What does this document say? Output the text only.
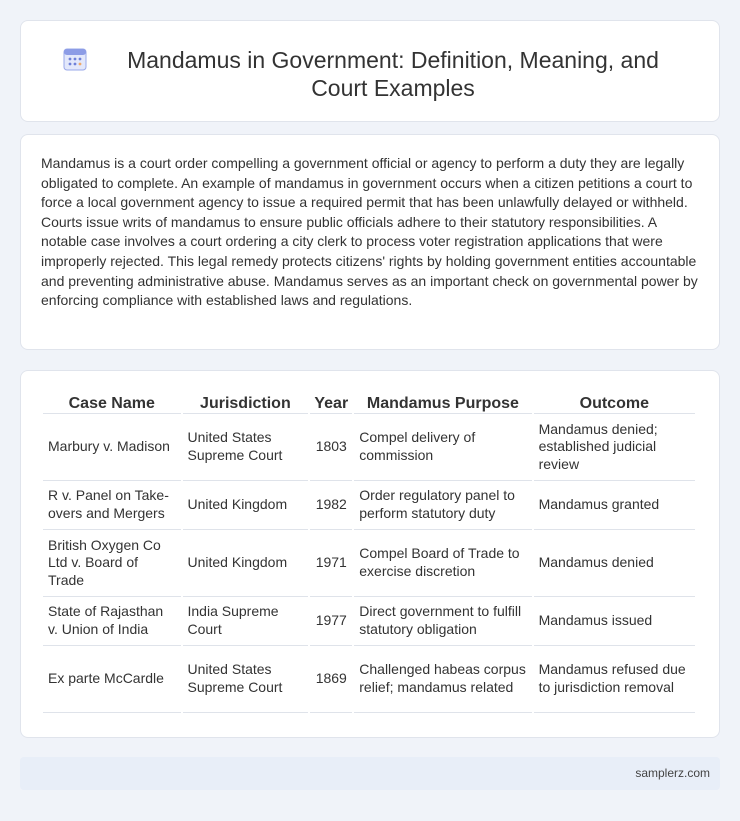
Mandamus in Government: Definition, Meaning, and Court Examples

Mandamus is a court order compelling a government official or agency to perform a duty they are legally obligated to complete. An example of mandamus in government occurs when a citizen petitions a court to force a local government agency to issue a required permit that has been unlawfully delayed or withheld. Courts issue writs of mandamus to ensure public officials adhere to their statutory responsibilities. A notable case involves a court ordering a city clerk to process voter registration applications that were improperly rejected. This legal remedy protects citizens' rights by holding government entities accountable and preventing administrative abuse. Mandamus serves as an important check on governmental power by enforcing compliance with established laws and regulations.

Case Name	Jurisdiction	Year	Mandamus Purpose	Outcome
Marbury v. Madison	United States Supreme Court	1803	Compel delivery of commission	Mandamus denied; established judicial review
R v. Panel on Take-overs and Mergers	United Kingdom	1982	Order regulatory panel to perform statutory duty	Mandamus granted
British Oxygen Co Ltd v. Board of Trade	United Kingdom	1971	Compel Board of Trade to exercise discretion	Mandamus denied
State of Rajasthan v. Union of India	India Supreme Court	1977	Direct government to fulfill statutory obligation	Mandamus issued
Ex parte McCardle	United States Supreme Court	1869	Challenged habeas corpus relief; mandamus related	Mandamus refused due to jurisdiction removal
samplerz.com
